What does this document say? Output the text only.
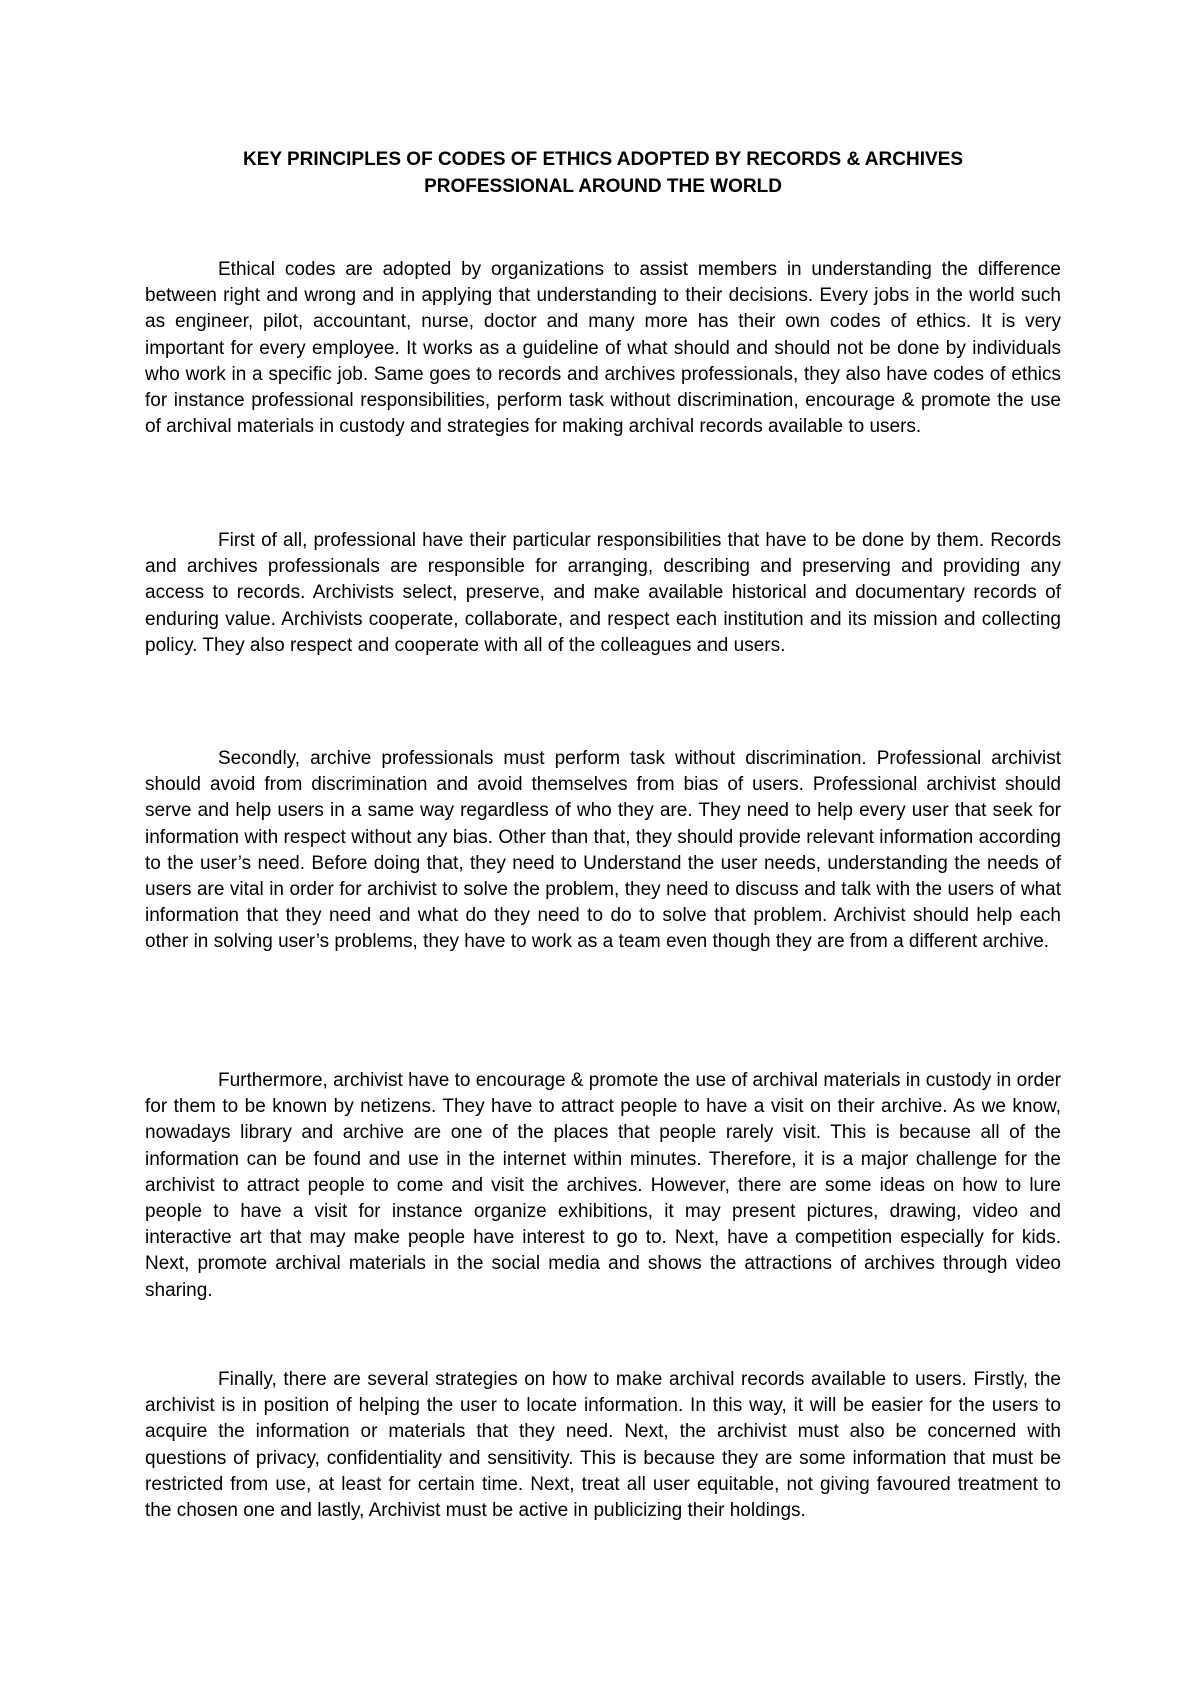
KEY PRINCIPLES OF CODES OF ETHICS ADOPTED BY RECORDS & ARCHIVES
PROFESSIONAL AROUND THE WORLD

Ethical codes are adopted by organizations to assist members in understanding the difference between right and wrong and in applying that understanding to their decisions. Every jobs in the world such as engineer, pilot, accountant, nurse, doctor and many more has their own codes of ethics. It is very important for every employee. It works as a guideline of what should and should not be done by individuals who work in a specific job. Same goes to records and archives professionals, they also have codes of ethics for instance professional responsibilities, perform task without discrimination, encourage & promote the use of archival materials in custody and strategies for making archival records available to users.

First of all, professional have their particular responsibilities that have to be done by them. Records and archives professionals are responsible for arranging, describing and preserving and providing any access to records. Archivists select, preserve, and make available historical and documentary records of enduring value. Archivists cooperate, collaborate, and respect each institution and its mission and collecting policy. They also respect and cooperate with all of the colleagues and users.

Secondly, archive professionals must perform task without discrimination. Professional archivist should avoid from discrimination and avoid themselves from bias of users. Professional archivist should serve and help users in a same way regardless of who they are. They need to help every user that seek for information with respect without any bias. Other than that, they should provide relevant information according to the user’s need. Before doing that, they need to Understand the user needs, understanding the needs of users are vital in order for archivist to solve the problem, they need to discuss and talk with the users of what information that they need and what do they need to do to solve that problem. Archivist should help each other in solving user’s problems, they have to work as a team even though they are from a different archive.

Furthermore, archivist have to encourage & promote the use of archival materials in custody in order for them to be known by netizens. They have to attract people to have a visit on their archive. As we know, nowadays library and archive are one of the places that people rarely visit. This is because all of the information can be found and use in the internet within minutes. Therefore, it is a major challenge for the archivist to attract people to come and visit the archives. However, there are some ideas on how to lure people to have a visit for instance organize exhibitions, it may present pictures, drawing, video and interactive art that may make people have interest to go to. Next, have a competition especially for kids. Next, promote archival materials in the social media and shows the attractions of archives through video sharing.

Finally, there are several strategies on how to make archival records available to users. Firstly, the archivist is in position of helping the user to locate information. In this way, it will be easier for the users to acquire the information or materials that they need. Next, the archivist must also be concerned with questions of privacy, confidentiality and sensitivity. This is because they are some information that must be restricted from use, at least for certain time. Next, treat all user equitable, not giving favoured treatment to the chosen one and lastly, Archivist must be active in publicizing their holdings.
